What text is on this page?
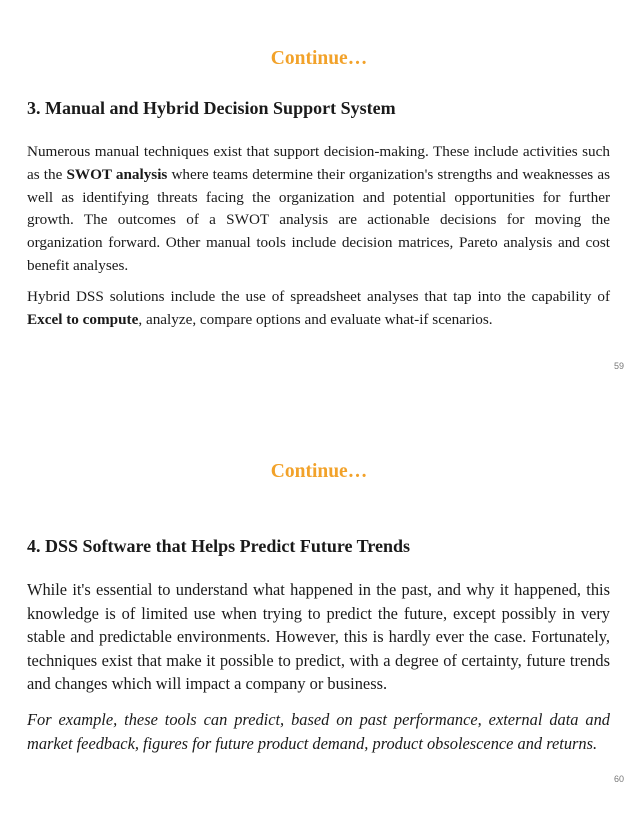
Continue…
3. Manual and Hybrid Decision Support System

Numerous manual techniques exist that support decision-making. These include activities such as the SWOT analysis where teams determine their organization's strengths and weaknesses as well as identifying threats facing the organization and potential opportunities for further growth. The outcomes of a SWOT analysis are actionable decisions for moving the organization forward. Other manual tools include decision matrices, Pareto analysis and cost benefit analyses.

Hybrid DSS solutions include the use of spreadsheet analyses that tap into the capability of Excel to compute, analyze, compare options and evaluate what-if scenarios.

59

Continue…
4. DSS Software that Helps Predict Future Trends

While it's essential to understand what happened in the past, and why it happened, this knowledge is of limited use when trying to predict the future, except possibly in very stable and predictable environments. However, this is hardly ever the case. Fortunately, techniques exist that make it possible to predict, with a degree of certainty, future trends and changes which will impact a company or business.

For example, these tools can predict, based on past performance, external data and market feedback, figures for future product demand, product obsolescence and returns.

60
